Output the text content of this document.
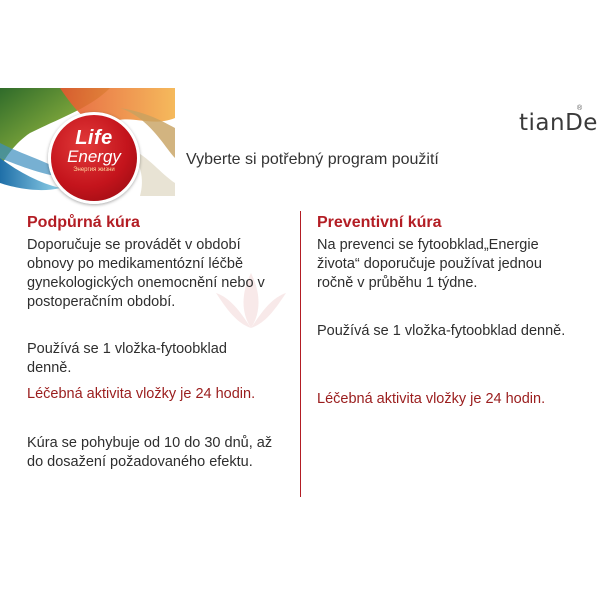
Life
Energy
Энергия жизни
tianDe
®
Vyberte si potřebný program použití
Podpůrná kúra
Doporučuje se provádět v období
obnovy po medikamentózní léčbě
gynekologických onemocnění nebo v
postoperačním období.
Používá se 1 vložka-fytoobklad
denně.
Léčebná aktivita vložky je 24 hodin.
Kúra se pohybuje od 10 do 30 dnů, až
do dosažení požadovaného efektu.
Preventivní kúra
Na prevenci se fytoobklad„Energie
života“ doporučuje používat jednou
ročně v průběhu 1 týdne.
Používá se 1 vložka-fytoobklad denně.
Léčebná aktivita vložky je 24 hodin.
